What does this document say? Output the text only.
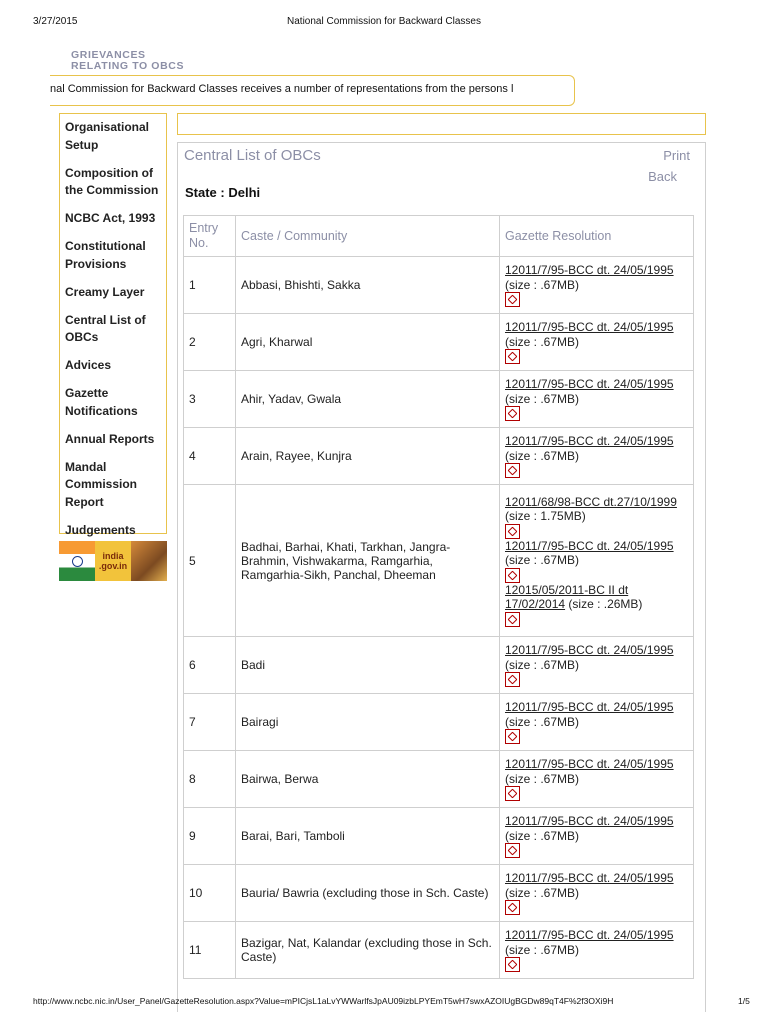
3/27/2015	National Commission for Backward Classes
GRIEVANCES
RELATING TO OBCS
nal Commission for Backward Classes receives a number of representations from the persons l
Organisational Setup
Composition of the Commission
NCBC Act, 1993
Constitutional Provisions
Creamy Layer
Central List of OBCs
Advices
Gazette Notifications
Annual Reports
Mandal Commission Report
Judgements
india
.gov.in
Central List of OBCs	Print
Back
State : Delhi
Entry No.	Caste / Community	Gazette Resolution
1	Abbasi, Bhishti, Sakka	12011/7/95-BCC dt. 24/05/1995 (size : .67MB)

2	Agri, Kharwal	12011/7/95-BCC dt. 24/05/1995 (size : .67MB)

3	Ahir, Yadav, Gwala	12011/7/95-BCC dt. 24/05/1995 (size : .67MB)

4	Arain, Rayee, Kunjra	12011/7/95-BCC dt. 24/05/1995 (size : .67MB)

5	Badhai, Barhai, Khati, Tarkhan, Jangra-Brahmin, Vishwakarma, Ramgarhia, Ramgarhia-Sikh, Panchal, Dheeman	12011/68/98-BCC dt.27/10/1999 (size : 1.75MB)
12011/7/95-BCC dt. 24/05/1995 (size : .67MB)
12015/05/2011-BC II dt 17/02/2014 (size : .26MB)

6	Badi	12011/7/95-BCC dt. 24/05/1995 (size : .67MB)

7	Bairagi	12011/7/95-BCC dt. 24/05/1995 (size : .67MB)

8	Bairwa, Berwa	12011/7/95-BCC dt. 24/05/1995 (size : .67MB)

9	Barai, Bari, Tamboli	12011/7/95-BCC dt. 24/05/1995 (size : .67MB)

10	Bauria/ Bawria (excluding those in Sch. Caste)	12011/7/95-BCC dt. 24/05/1995 (size : .67MB)

11	Bazigar, Nat, Kalandar (excluding those in Sch. Caste)	12011/7/95-BCC dt. 24/05/1995 (size : .67MB)
http://www.ncbc.nic.in/User_Panel/GazetteResolution.aspx?Value=mPICjsL1aLvYWWarlfsJpAU09izbLPYEmT5wH7swxAZOIUgBGDw89qT4F%2f3OXi9H	1/5
